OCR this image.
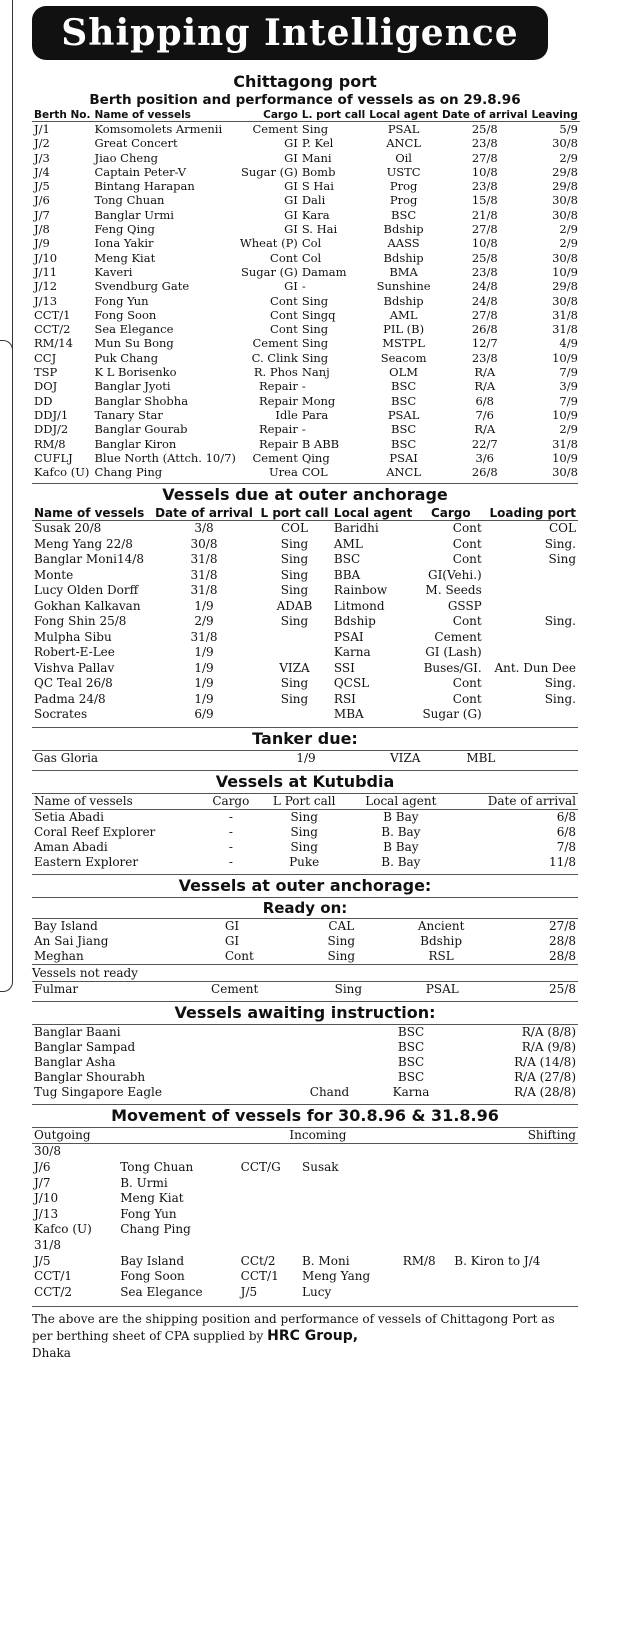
Shipping Intelligence
Chittagong port
Berth position and performance of vessels as on 29.8.96
Berth No.	Name of vessels	Cargo	L. port call	Local agent	Date of arrival	Leaving
J/1	Komsomolets Armenii	Cement	Sing	PSAL	25/8	5/9
J/2	Great Concert	GI	P. Kel	ANCL	23/8	30/8
J/3	Jiao Cheng	GI	Mani	Oil	27/8	2/9
J/4	Captain Peter-V	Sugar (G)	Bomb	USTC	10/8	29/8
J/5	Bintang Harapan	GI	S Hai	Prog	23/8	29/8
J/6	Tong Chuan	GI	Dali	Prog	15/8	30/8
J/7	Banglar Urmi	GI	Kara	BSC	21/8	30/8
J/8	Feng Qing	GI	S. Hai	Bdship	27/8	2/9
J/9	Iona Yakir	Wheat (P)	Col	AASS	10/8	2/9
J/10	Meng Kiat	Cont	Col	Bdship	25/8	30/8
J/11	Kaveri	Sugar (G)	Damam	BMA	23/8	10/9
J/12	Svendburg Gate	GI	-	Sunshine	24/8	29/8
J/13	Fong Yun	Cont	Sing	Bdship	24/8	30/8
CCT/1	Fong Soon	Cont	Singq	AML	27/8	31/8
CCT/2	Sea Elegance	Cont	Sing	PIL (B)	26/8	31/8
RM/14	Mun Su Bong	Cement	Sing	MSTPL	12/7	4/9
CCJ	Puk Chang	C. Clink	Sing	Seacom	23/8	10/9
TSP	K L Borisenko	R. Phos	Nanj	OLM	R/A	7/9
DOJ	Banglar Jyoti	Repair	-	BSC	R/A	3/9
DD	Banglar Shobha	Repair	Mong	BSC	6/8	7/9
DDJ/1	Tanary Star	Idle	Para	PSAL	7/6	10/9
DDJ/2	Banglar Gourab	Repair	-	BSC	R/A	2/9
RM/8	Banglar Kiron	Repair	B ABB	BSC	22/7	31/8
CUFLJ	Blue North (Attch. 10/7)	Cement	Qing	PSAI	3/6	10/9
Kafco (U)	Chang Ping	Urea	COL	ANCL	26/8	30/8
Vessels due at outer anchorage
Name of vessels	Date of arrival	L port call	Local agent	Cargo	Loading port
Susak 20/8	3/8	COL	Baridhi	Cont	COL
Meng Yang 22/8	30/8	Sing	AML	Cont	Sing.
Banglar Moni14/8	31/8	Sing	BSC	Cont	Sing
Monte	31/8	Sing	BBA	GI(Vehi.)	
Lucy Olden Dorff	31/8	Sing	Rainbow	M. Seeds	
Gokhan Kalkavan	1/9	ADAB	Litmond	GSSP	
Fong Shin 25/8	2/9	Sing	Bdship	Cont	Sing.
Mulpha Sibu	31/8		PSAI	Cement	
Robert-E-Lee	1/9		Karna	GI (Lash)	
Vishva Pallav	1/9	VIZA	SSI	Buses/GI.	Ant. Dun Dee
QC Teal 26/8	1/9	Sing	QCSL	Cont	Sing.
Padma 24/8	1/9	Sing	RSI	Cont	Sing.
Socrates	6/9		MBA	Sugar (G)	
Tanker due:
Gas Gloria	1/9	VIZA	MBL
Vessels at Kutubdia
Name of vessels	Cargo	L Port call	Local agent	Date of arrival
Setia Abadi	-	Sing	B Bay	6/8
Coral Reef Explorer	-	Sing	B. Bay	6/8
Aman Abadi	-	Sing	B Bay	7/8
Eastern Explorer	-	Puke	B. Bay	11/8
Vessels at outer anchorage:
Ready on:
Bay Island	GI	CAL	Ancient	27/8
An Sai Jiang	GI	Sing	Bdship	28/8
Meghan	Cont	Sing	RSL	28/8
Vessels not ready
Fulmar	Cement	Sing	PSAL	25/8
Vessels awaiting instruction:
Banglar Baani		BSC	R/A (8/8)
Banglar Sampad		BSC	R/A (9/8)
Banglar Asha		BSC	R/A (14/8)
Banglar Shourabh		BSC	R/A (27/8)
Tug Singapore Eagle	Chand	Karna	R/A (28/8)
Movement of vessels for 30.8.96 & 31.8.96
Outgoing	Incoming	Shifting
30/8					
J/6	Tong Chuan	CCT/G	Susak		
J/7	B. Urmi				
J/10	Meng Kiat				
J/13	Fong Yun				
Kafco (U)	Chang Ping				
31/8					
J/5	Bay Island	CCt/2	B. Moni	RM/8	B. Kiron to J/4
CCT/1	Fong Soon	CCT/1	Meng Yang		
CCT/2	Sea Elegance	J/5	Lucy		
The above are the shipping position and performance of vessels of Chittagong Port as per berthing sheet of CPA supplied by HRC Group,
Dhaka
